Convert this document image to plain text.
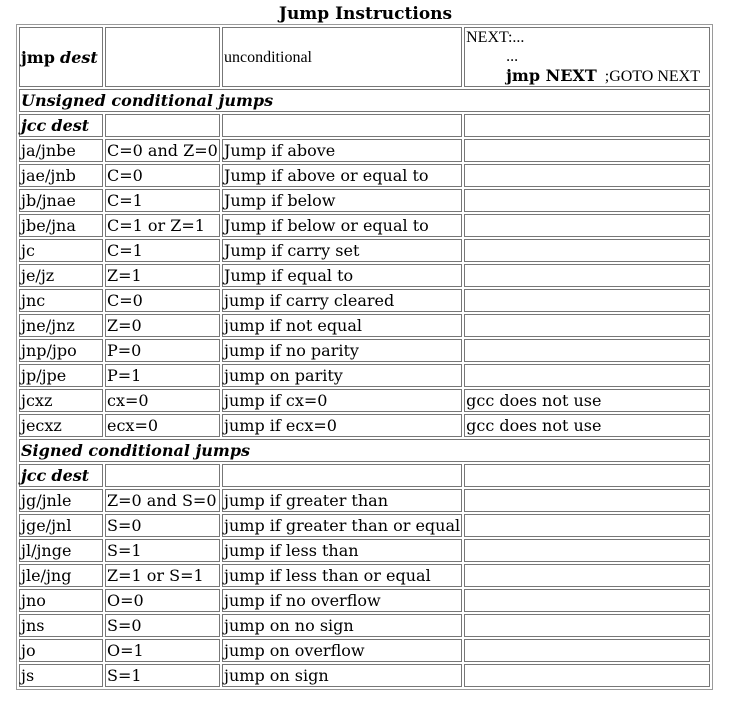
Jump Instructions
jmp dest		unconditional	NEXT:...
...
jmp NEXT ;GOTO NEXT

Unsigned conditional jumps			
jcc dest			
ja/jnbe	C=0 and Z=0	Jump if above	
jae/jnb	C=0	Jump if above or equal to	
jb/jnae	C=1	Jump if below	
jbe/jna	C=1 or Z=1	Jump if below or equal to	
jc	C=1	Jump if carry set	
je/jz	Z=1	Jump if equal to	
jnc	C=0	jump if carry cleared	
jne/jnz	Z=0	jump if not equal	
jnp/jpo	P=0	jump if no parity	
jp/jpe	P=1	jump on parity	
jcxz	cx=0	jump if cx=0	gcc does not use
jecxz	ecx=0	jump if ecx=0	gcc does not use
Signed conditional jumps			
jcc dest			
jg/jnle	Z=0 and S=0	jump if greater than	
jge/jnl	S=0	jump if greater than or equal	
jl/jnge	S=1	jump if less than	
jle/jng	Z=1 or S=1	jump if less than or equal	
jno	O=0	jump if no overflow	
jns	S=0	jump on no sign	
jo	O=1	jump on overflow	
js	S=1	jump on sign	
